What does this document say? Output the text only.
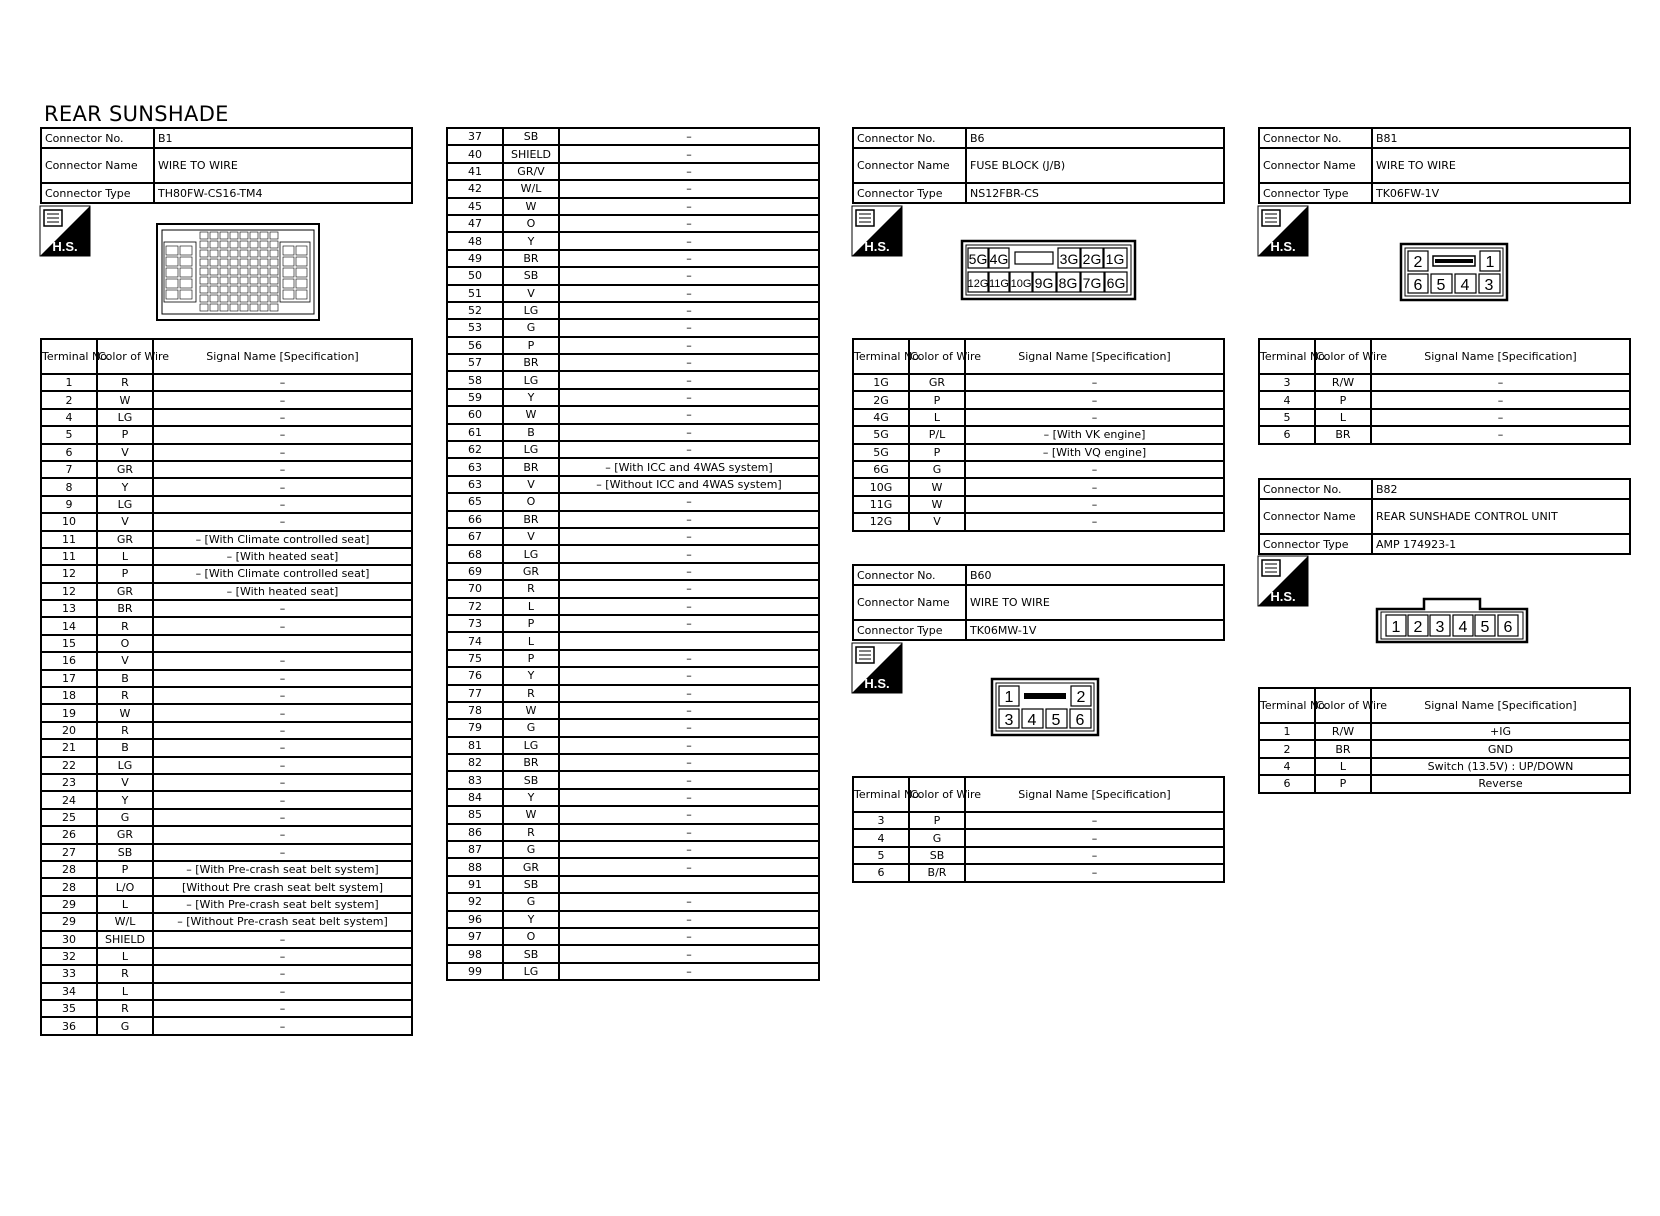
REAR SUNSHADE
Connector No.	B1
Connector Name	WIRE TO WIRE
Connector Type	TH80FW-CS16-TM4
H.S.
Terminal No.	Color of Wire	Signal Name [Specification]
1	R	–
2	W	–
4	LG	–
5	P	–
6	V	–
7	GR	–
8	Y	–
9	LG	–
10	V	–
11	GR	– [With Climate controlled seat]
11	L	– [With heated seat]
12	P	– [With Climate controlled seat]
12	GR	– [With heated seat]
13	BR	–
14	R	–
15	O	
16	V	–
17	B	–
18	R	–
19	W	–
20	R	–
21	B	–
22	LG	–
23	V	–
24	Y	–
25	G	–
26	GR	–
27	SB	–
28	P	– [With Pre-crash seat belt system]
28	L/O	[Without Pre crash seat belt system]
29	L	– [With Pre-crash seat belt system]
29	W/L	– [Without Pre-crash seat belt system]
30	SHIELD	–
32	L	–
33	R	–
34	L	–
35	R	–
36	G	–
37	SB	–
40	SHIELD	–
41	GR/V	–
42	W/L	–
45	W	–
47	O	–
48	Y	–
49	BR	–
50	SB	–
51	V	–
52	LG	–
53	G	–
56	P	–
57	BR	–
58	LG	–
59	Y	–
60	W	–
61	B	–
62	LG	–
63	BR	– [With ICC and 4WAS system]
63	V	– [Without ICC and 4WAS system]
65	O	–
66	BR	–
67	V	–
68	LG	–
69	GR	–
70	R	–
72	L	–
73	P	–
74	L	
75	P	–
76	Y	–
77	R	–
78	W	–
79	G	–
81	LG	–
82	BR	–
83	SB	–
84	Y	–
85	W	–
86	R	–
87	G	–
88	GR	–
91	SB	
92	G	–
96	Y	–
97	O	–
98	SB	–
99	LG	–
Connector No.	B6
Connector Name	FUSE BLOCK (J/B)
Connector Type	NS12FBR-CS
H.S.
5G 4G	3G 2G 1G
12G 11G 10G 9G 8G 7G 6G
Terminal No.	Color of Wire	Signal Name [Specification]
1G	GR	–
2G	P	–
4G	L	–
5G	P/L	– [With VK engine]
5G	P	– [With VQ engine]
6G	G	–
10G	W	–
11G	W	–
12G	V	–
Connector No.	B60
Connector Name	WIRE TO WIRE
Connector Type	TK06MW-1V
H.S.
1	2
3 4 5 6
Terminal No.	Color of Wire	Signal Name [Specification]
3	P	–
4	G	–
5	SB	–
6	B/R	–
Connector No.	B81
Connector Name	WIRE TO WIRE
Connector Type	TK06FW-1V
H.S.
2	1
6 5 4 3
Terminal No.	Color of Wire	Signal Name [Specification]
3	R/W	–
4	P	–
5	L	–
6	BR	–
Connector No.	B82
Connector Name	REAR SUNSHADE CONTROL UNIT
Connector Type	AMP 174923-1
H.S.
1 2 3 4 5 6
Terminal No.	Color of Wire	Signal Name [Specification]
1	R/W	+IG
2	BR	GND
4	L	Switch (13.5V) : UP/DOWN
6	P	Reverse
